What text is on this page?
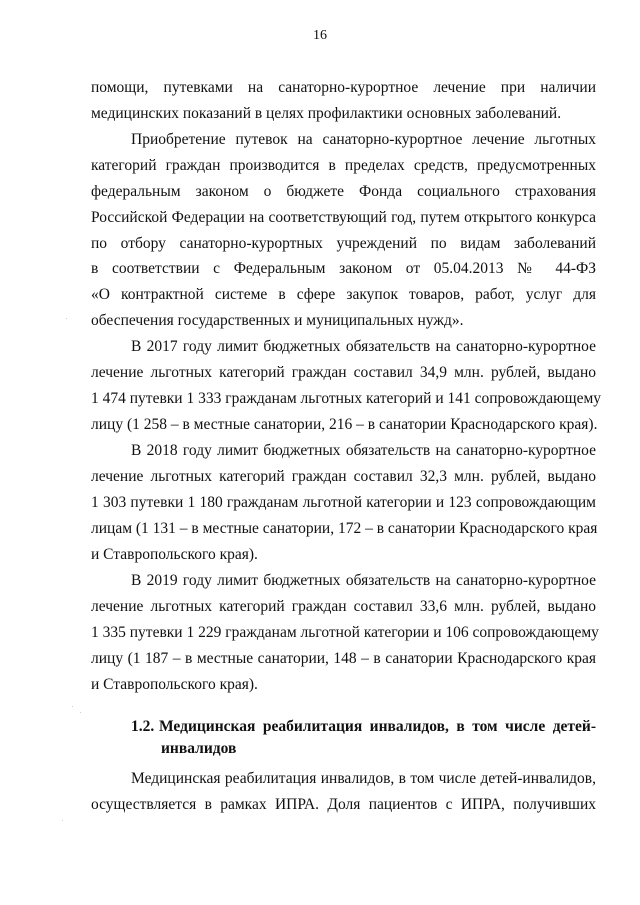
16
помощи, путевками на санаторно-курортное лечение при наличии
медицинских показаний в целях профилактики основных заболеваний.
Приобретение путевок на санаторно-курортное лечение льготных
категорий граждан производится в пределах средств, предусмотренных
федеральным законом о бюджете Фонда социального страхования
Российской Федерации на соответствующий год, путем открытого конкурса
по отбору санаторно-курортных учреждений по видам заболеваний
в соответствии с Федеральным законом от 05.04.2013 № 44-ФЗ
«О контрактной системе в сфере закупок товаров, работ, услуг для
обеспечения государственных и муниципальных нужд».
В 2017 году лимит бюджетных обязательств на санаторно-курортное
лечение льготных категорий граждан составил 34,9 млн. рублей, выдано
1 474 путевки 1 333 гражданам льготных категорий и 141 сопровождающему
лицу (1 258 – в местные санатории, 216 – в санатории Краснодарского края).
В 2018 году лимит бюджетных обязательств на санаторно-курортное
лечение льготных категорий граждан составил 32,3 млн. рублей, выдано
1 303 путевки 1 180 гражданам льготной категории и 123 сопровождающим
лицам (1 131 – в местные санатории, 172 – в санатории Краснодарского края
и Ставропольского края).
В 2019 году лимит бюджетных обязательств на санаторно-курортное
лечение льготных категорий граждан составил 33,6 млн. рублей, выдано
1 335 путевки 1 229 гражданам льготной категории и 106 сопровождающему
лицу (1 187 – в местные санатории, 148 – в санатории Краснодарского края
и Ставропольского края).
1.2. Медицинская реабилитация инвалидов, в том числе детей-
инвалидов
Медицинская реабилитация инвалидов, в том числе детей-инвалидов,
осуществляется в рамках ИПРА. Доля пациентов с ИПРА, получивших
